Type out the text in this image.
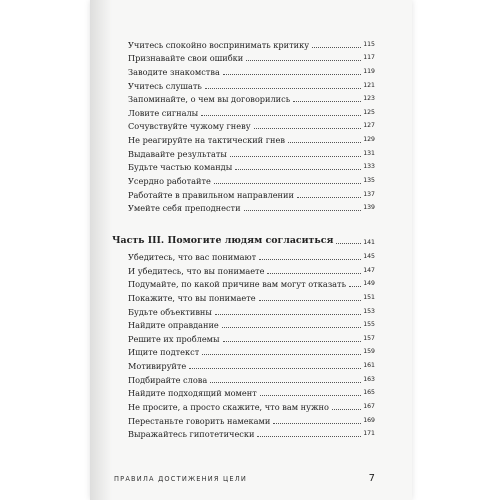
Учитесь спокойно воспринимать критику	115
Признавайте свои ошибки	117
Заводите знакомства	119
Учитесь слушать	121
Запоминайте, о чем вы договорились	123
Ловите сигналы	125
Сочувствуйте чужому гневу	127
Не реагируйте на тактический гнев	129
Выдавайте результаты	131
Будьте частью команды	133
Усердно работайте	135
Работайте в правильном направлении	137
Умейте себя преподнести	139
Часть III. Помогите людям согласиться	141
Убедитесь, что вас понимают	145
И убедитесь, что вы понимаете	147
Подумайте, по какой причине вам могут отказать	149
Покажите, что вы понимаете	151
Будьте объективны	153
Найдите оправдание	155
Решите их проблемы	157
Ищите подтекст	159
Мотивируйте	161
Подбирайте слова	163
Найдите подходящий момент	165
Не просите, а просто скажите, что вам нужно	167
Перестаньте говорить намеками	169
Выражайтесь гипотетически	171
ПРАВИЛА ДОСТИЖЕНИЯ ЦЕЛИ	7
